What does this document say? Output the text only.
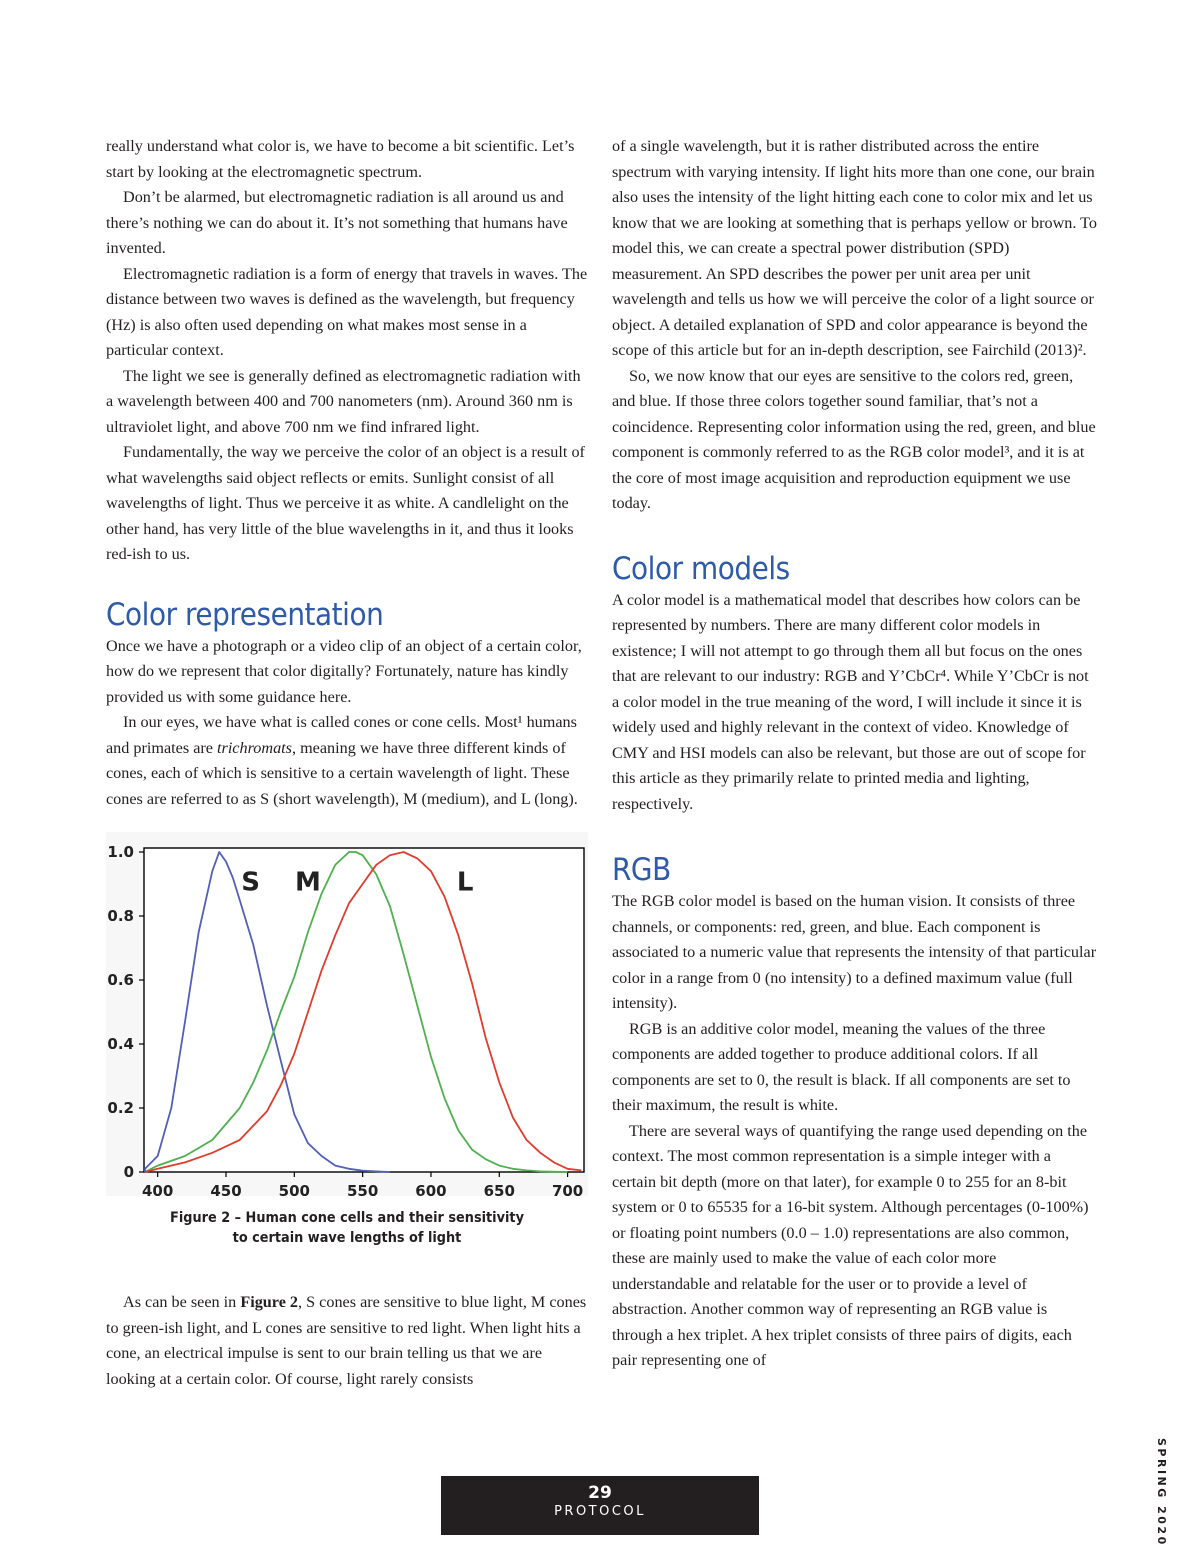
really understand what color is, we have to become a bit scientific. Let’s start by looking at the electromagnetic spectrum.

Don’t be alarmed, but electromagnetic radiation is all around us and there’s nothing we can do about it. It’s not something that humans have invented.

Electromagnetic radiation is a form of energy that travels in waves. The distance between two waves is defined as the wavelength, but frequency (Hz) is also often used depending on what makes most sense in a particular context.

The light we see is generally defined as electromagnetic radiation with a wavelength between 400 and 700 nanometers (nm). Around 360 nm is ultraviolet light, and above 700 nm we find infrared light.

Fundamentally, the way we perceive the color of an object is a result of what wavelengths said object reflects or emits. Sunlight consist of all wavelengths of light. Thus we perceive it as white. A candlelight on the other hand, has very little of the blue wavelengths in it, and thus it looks red-ish to us.

Color representation

Once we have a photograph or a video clip of an object of a certain color, how do we represent that color digitally? Fortunately, nature has kindly provided us with some guidance here.

In our eyes, we have what is called cones or cone cells. Most¹ humans and primates are trichromats, meaning we have three different kinds of cones, each of which is sensitive to a certain wavelength of light. These cones are referred to as S (short wavelength), M (medium), and L (long).

0
0.2
0.4
0.6
0.8
1.0
400 450 500 550 600 650 700
S M	L
Figure 2 – Human cone cells and their sensitivity
to certain wave lengths of light

As can be seen in Figure 2, S cones are sensitive to blue light, M cones to green-ish light, and L cones are sensitive to red light. When light hits a cone, an electrical impulse is sent to our brain telling us that we are looking at a certain color. Of course, light rarely consists

of a single wavelength, but it is rather distributed across the entire spectrum with varying intensity. If light hits more than one cone, our brain also uses the intensity of the light hitting each cone to color mix and let us know that we are looking at something that is perhaps yellow or brown. To model this, we can create a spectral power distribution (SPD) measurement. An SPD describes the power per unit area per unit wavelength and tells us how we will perceive the color of a light source or object. A detailed explanation of SPD and color appearance is beyond the scope of this article but for an in-depth description, see Fairchild (2013)².

So, we now know that our eyes are sensitive to the colors red, green, and blue. If those three colors together sound familiar, that’s not a coincidence. Representing color information using the red, green, and blue component is commonly referred to as the RGB color model³, and it is at the core of most image acquisition and reproduction equipment we use today.

Color models

A color model is a mathematical model that describes how colors can be represented by numbers. There are many different color models in existence; I will not attempt to go through them all but focus on the ones that are relevant to our industry: RGB and Y’CbCr⁴. While Y’CbCr is not a color model in the true meaning of the word, I will include it since it is widely used and highly relevant in the context of video. Knowledge of CMY and HSI models can also be relevant, but those are out of scope for this article as they primarily relate to printed media and lighting, respectively.

RGB

The RGB color model is based on the human vision. It consists of three channels, or components: red, green, and blue. Each component is associated to a numeric value that represents the intensity of that particular color in a range from 0 (no intensity) to a defined maximum value (full intensity).

RGB is an additive color model, meaning the values of the three components are added together to produce additional colors. If all components are set to 0, the result is black. If all components are set to their maximum, the result is white.

There are several ways of quantifying the range used depending on the context. The most common representation is a simple integer with a certain bit depth (more on that later), for example 0 to 255 for an 8-bit system or 0 to 65535 for a 16-bit system. Although percentages (0-100%) or floating point numbers (0.0 – 1.0) representations are also common, these are mainly used to make the value of each color more understandable and relatable for the user or to provide a level of abstraction. Another common way of representing an RGB value is through a hex triplet. A hex triplet consists of three pairs of digits, each pair representing one of

29
PROTOCOL	SPRING 2020
